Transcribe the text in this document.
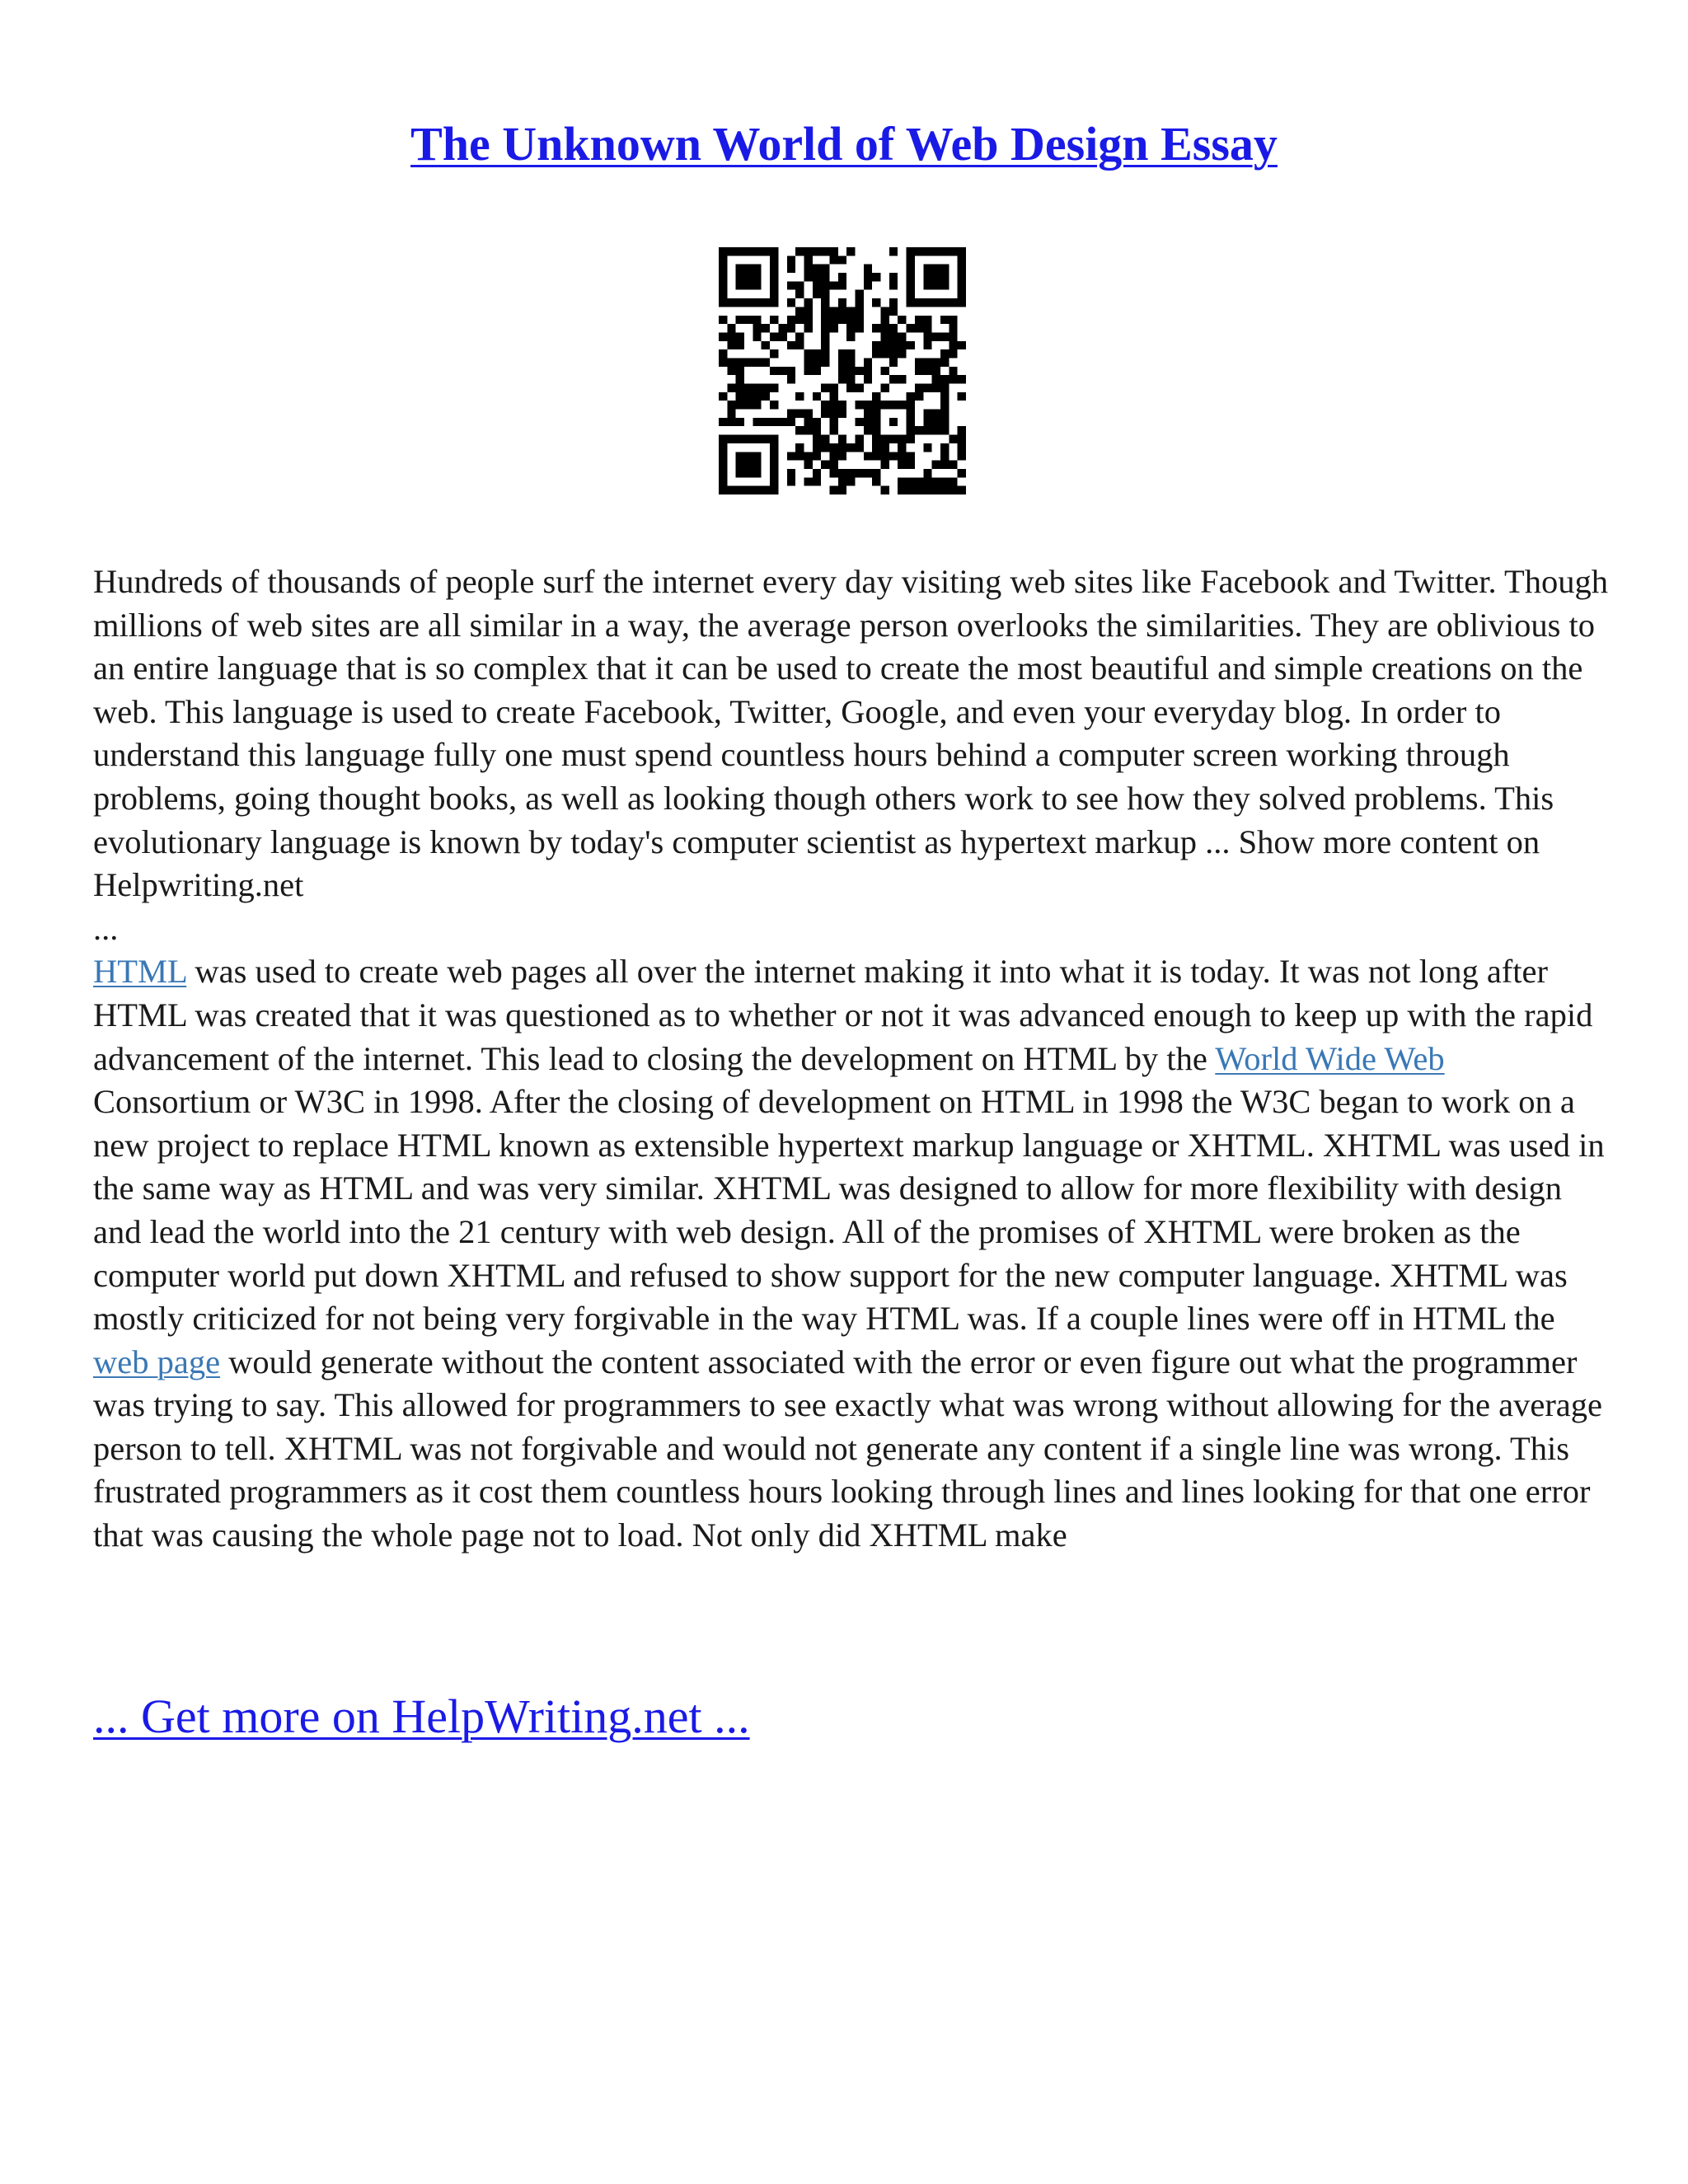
The Unknown World of Web Design Essay

Hundreds of thousands of people surf the internet every day visiting web sites like Facebook and Twitter. Though millions of web sites are all similar in a way, the average person overlooks the similarities. They are oblivious to an entire language that is so complex that it can be used to create the most beautiful and simple creations on the web. This language is used to create Facebook, Twitter, Google, and even your everyday blog. In order to understand this language fully one must spend countless hours behind a computer screen working through problems, going thought books, as well as looking though others work to see how they solved problems. This evolutionary language is known by today's computer scientist as hypertext markup ... Show more content on Helpwriting.net

...

HTML was used to create web pages all over the internet making it into what it is today. It was not long after HTML was created that it was questioned as to whether or not it was advanced enough to keep up with the rapid advancement of the internet. This lead to closing the development on HTML by the World Wide Web Consortium or W3C in 1998. After the closing of development on HTML in 1998 the W3C began to work on a new project to replace HTML known as extensible hypertext markup language or XHTML. XHTML was used in the same way as HTML and was very similar. XHTML was designed to allow for more flexibility with design and lead the world into the 21 century with web design. All of the promises of XHTML were broken as the computer world put down XHTML and refused to show support for the new computer language. XHTML was mostly criticized for not being very forgivable in the way HTML was. If a couple lines were off in HTML the web page would generate without the content associated with the error or even figure out what the programmer was trying to say. This allowed for programmers to see exactly what was wrong without allowing for the average person to tell. XHTML was not forgivable and would not generate any content if a single line was wrong. This frustrated programmers as it cost them countless hours looking through lines and lines looking for that one error that was causing the whole page not to load. Not only did XHTML make

... Get more on HelpWriting.net ...
